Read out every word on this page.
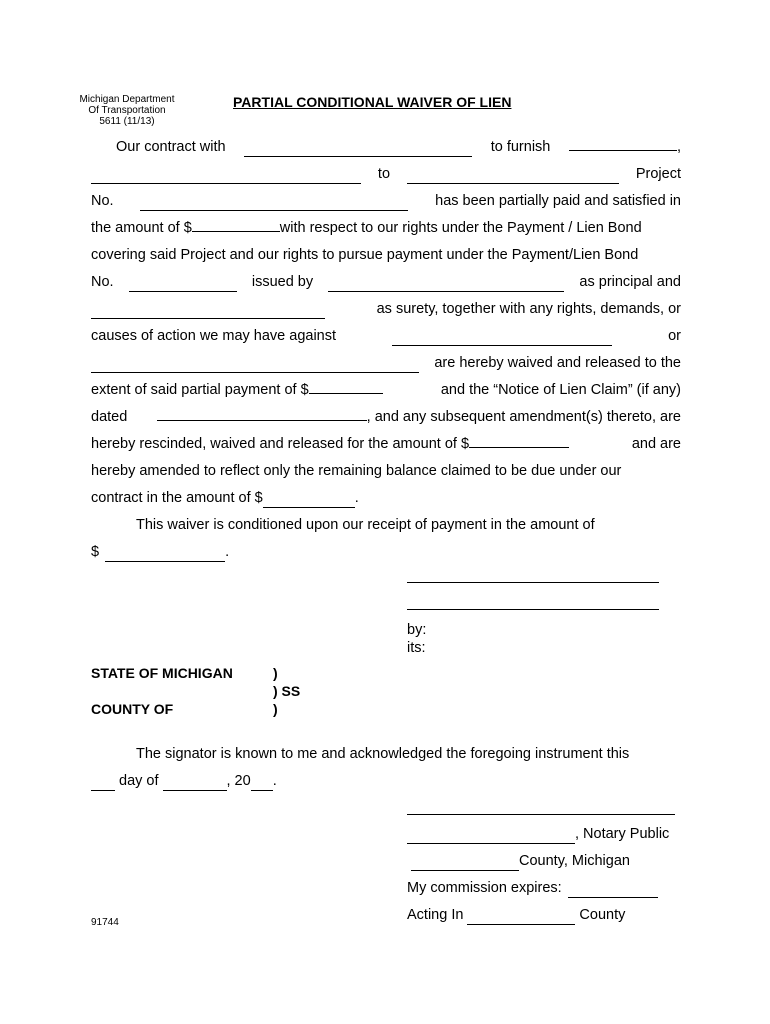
Michigan Department
Of Transportation
5611 (11/13)
PARTIAL CONDITIONAL WAIVER OF LIEN
Our contract with	to furnish	,
to	Project
No.	has been partially paid and satisfied in
the amount of $	with respect to our rights under the Payment / Lien Bond
covering said Project and our rights to pursue payment under the Payment/Lien Bond
No.	issued by	as principal and
as surety, together with any rights, demands, or
causes of action we may have against	or
are hereby waived and released to the
extent of said partial payment of $	and the “Notice of Lien Claim” (if any)
dated	, and any subsequent amendment(s) thereto, are
hereby rescinded, waived and released for the amount of $	and are
hereby amended to reflect only the remaining balance claimed to be due under our
contract in the amount of $	.
This waiver is conditioned upon our receipt of payment in the amount of
$	.
by:
its:
STATE OF MICHIGAN	)
) SS
COUNTY OF	)
The signator is known to me and acknowledged the foregoing instrument this
day of	, 20 .
, Notary Public
County, Michigan
My commission expires:
Acting In	County
91744
